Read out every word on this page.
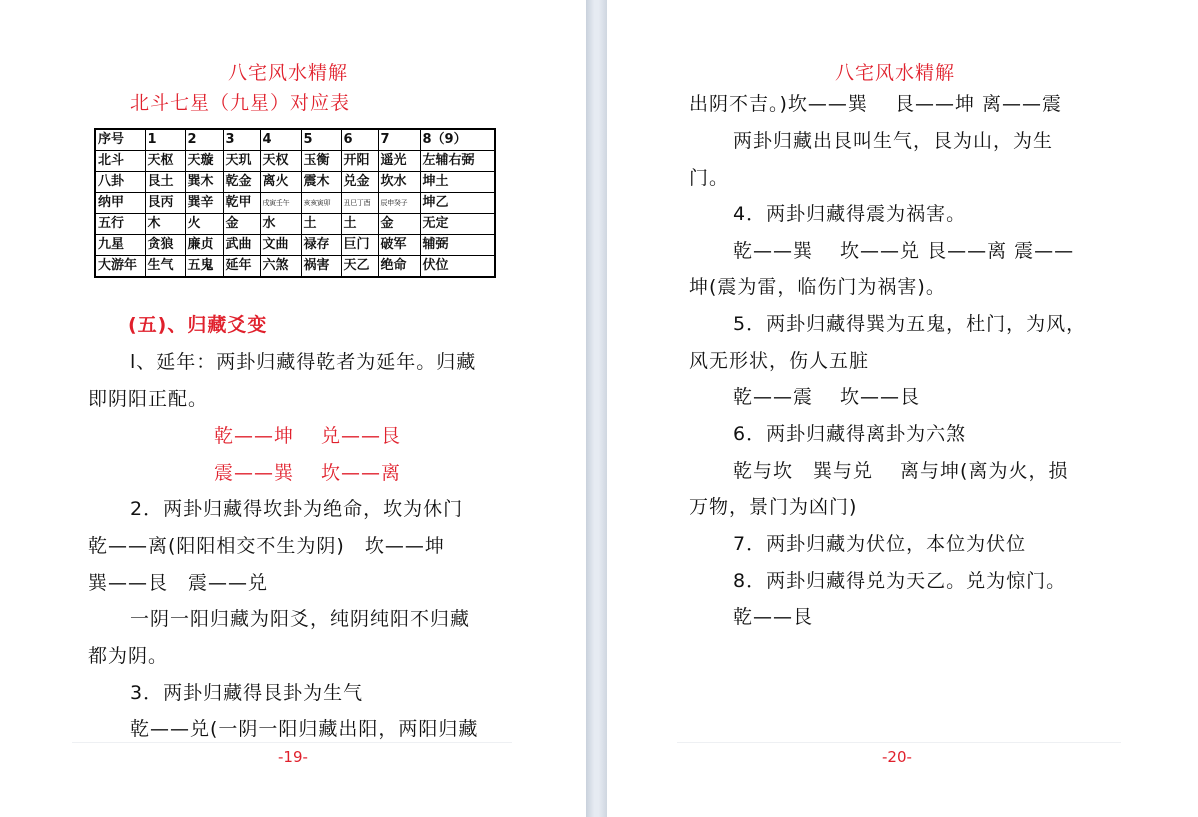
八宅风水精解
北斗七星（九星）对应表
序号	1	2	3	4	5	6	7	8（9）
北斗	天枢	天璇	天玑	天权	玉衡	开阳	遥光	左辅右弼
八卦	艮土	巽木	乾金	离火	震木	兑金	坎水	坤土
纳甲	艮丙	巽辛	乾甲	戌寅壬午	亥亥寅卯	丑巳丁酉	辰申癸子	坤乙
五行	木	火	金	水	土	土	金	无定
九星	贪狼	廉贞	武曲	文曲	禄存	巨门	破军	辅弼
大游年	生气	五鬼	延年	六煞	祸害	天乙	绝命	伏位
(五)、归藏爻变
l、延年：两卦归藏得乾者为延年。归藏
即阴阳正配。
乾——坤　 兑——艮
震——巽　 坎——离
2．两卦归藏得坎卦为绝命，坎为休门
乾——离(阳阳相交不生为阴)　坎——坤
巽——艮　震——兑
一阴一阳归藏为阳爻，纯阴纯阳不归藏
都为阴。
3．两卦归藏得艮卦为生气
乾——兑(一阴一阳归藏出阳，两阳归藏
-19-
八宅风水精解
出阴不吉。)坎——巽　 艮——坤 离——震
两卦归藏出艮叫生气，艮为山，为生
门。
4．两卦归藏得震为祸害。
乾——巽　 坎——兑 艮——离 震——
坤(震为雷，临伤门为祸害)。
5．两卦归藏得巽为五鬼，杜门，为风，
风无形状，伤人五脏
乾——震　 坎——艮
6．两卦归藏得离卦为六煞
乾与坎　巽与兑　 离与坤(离为火，损
万物，景门为凶门)
7．两卦归藏为伏位，本位为伏位
8．两卦归藏得兑为天乙。兑为惊门。
乾——艮
-20-
